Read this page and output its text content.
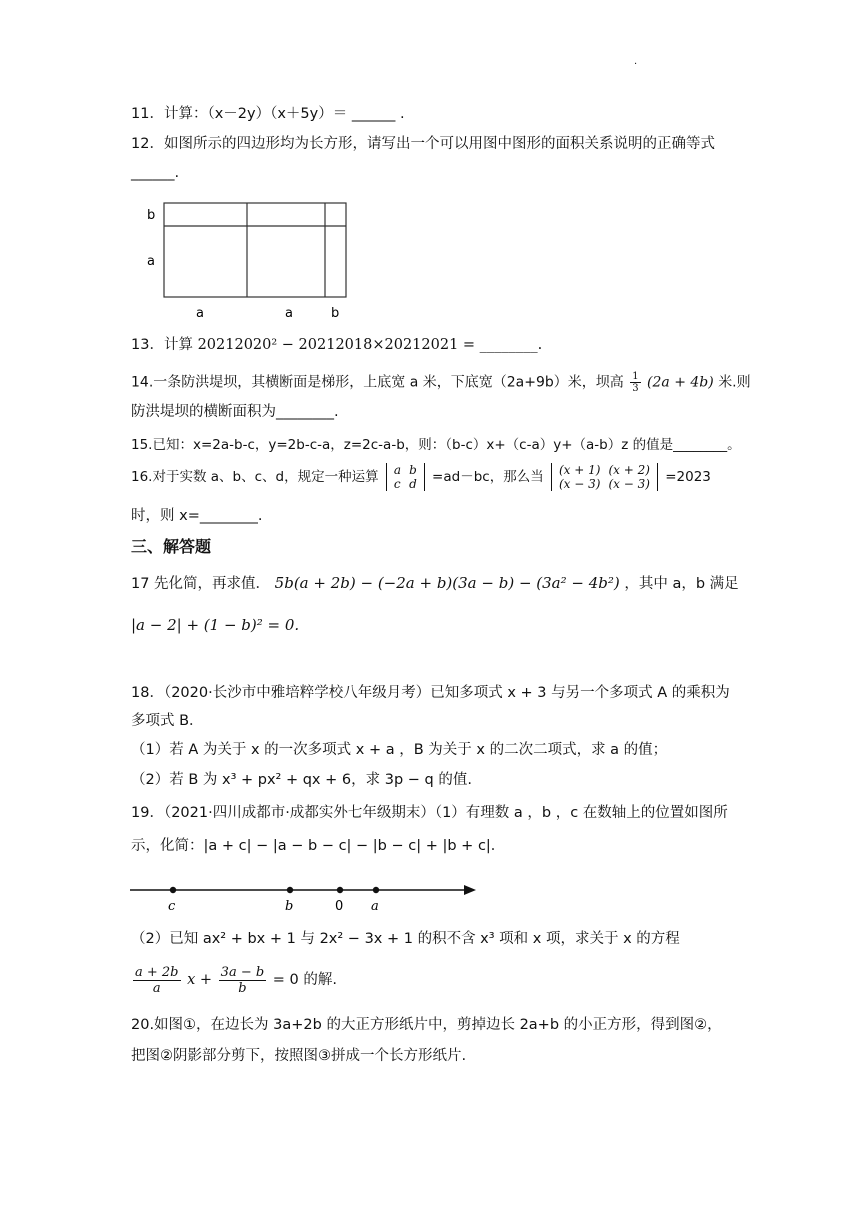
.
11．计算：（x－2y）（x＋5y）＝ ______ .
12．如图所示的四边形均为长方形，请写出一个可以用图中图形的面积关系说明的正确等式
______.
b
a
a	a	b
13．计算 20212020² − 20212018×20212021 = ________.
14.一条防洪堤坝，其横断面是梯形，上底宽 a 米，下底宽（2a+9b）米，坝高 $\frac{1}{3} (2a + 4b)$ 米.则
防洪堤坝的横断面积为________.
15.已知：x=2a-b-c，y=2b-c-a，z=2c-a-b，则：（b-c）x+（c-a）y+（a-b）z 的值是________。
16.对于实数 a、b、c、d，规定一种运算 a	b
c	d =ad－bc，那么当 (x + 1)	(x + 2)
(x − 3)	(x − 3) =2023
时，则 x=________.
三、解答题
17 先化简，再求值． 5b(a + 2b) − (−2a + b)(3a − b) − (3a² − 4b²) ，其中 a，b 满足
|a − 2| + (1 − b)² = 0.
18．（2020·长沙市中雅培粹学校八年级月考）已知多项式 x + 3 与另一个多项式 A 的乘积为
多项式 B．
（1）若 A 为关于 x 的一次多项式 x + a ，B 为关于 x 的二次二项式，求 a 的值；
（2）若 B 为 x³ + px² + qx + 6，求 3p − q 的值.
19．（2021·四川成都市·成都实外七年级期末）（1）有理数 a ，b ，c 在数轴上的位置如图所
示，化简：|a + c| − |a − b − c| − |b − c| + |b + c|．
c	b	0 a
（2）已知 ax² + bx + 1 与 2x² − 3x + 1 的积不含 x³ 项和 x 项，求关于 x 的方程
$\frac{a + 2b}{a}$ $x + \frac{3a - b}{b} = 0$ 的解.
20.如图①，在边长为 3a+2b 的大正方形纸片中，剪掉边长 2a+b 的小正方形，得到图②，
把图②阴影部分剪下，按照图③拼成一个长方形纸片.
